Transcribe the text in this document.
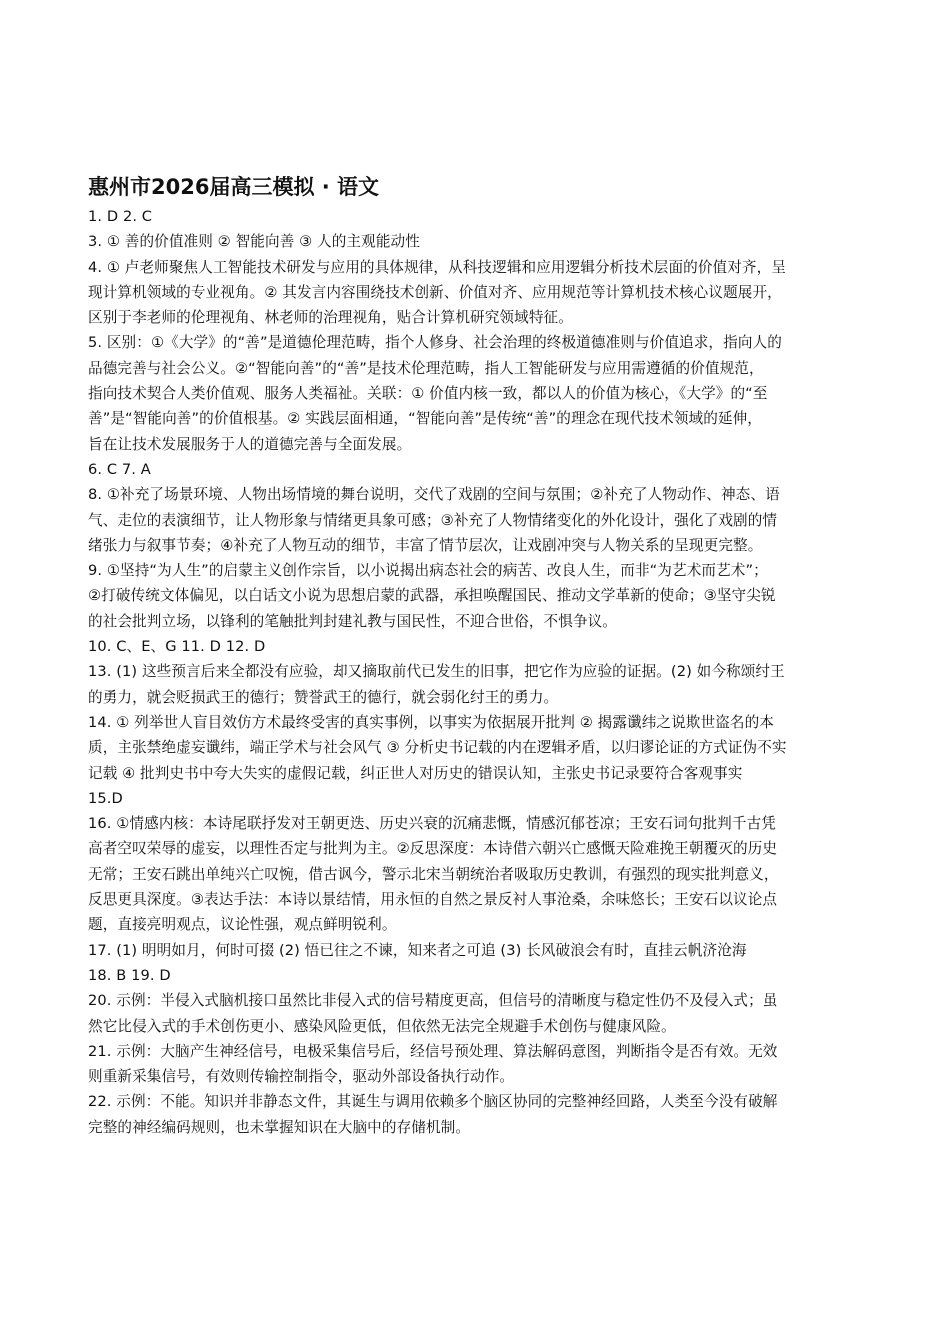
惠州市2026届高三模拟 · 语文
1. D 2. C
3. ① 善的价值准则 ② 智能向善 ③ 人的主观能动性
4. ① 卢老师聚焦人工智能技术研发与应用的具体规律，从科技逻辑和应用逻辑分析技术层面的价值对齐，呈
现计算机领域的专业视角。② 其发言内容围绕技术创新、价值对齐、应用规范等计算机技术核心议题展开，
区别于李老师的伦理视角、林老师的治理视角，贴合计算机研究领域特征。
5. 区别：①《大学》的“善”是道德伦理范畴，指个人修身、社会治理的终极道德准则与价值追求，指向人的
品德完善与社会公义。②“智能向善”的“善”是技术伦理范畴，指人工智能研发与应用需遵循的价值规范，
指向技术契合人类价值观、服务人类福祉。关联：① 价值内核一致，都以人的价值为核心，《大学》的“至
善”是“智能向善”的价值根基。② 实践层面相通，“智能向善”是传统“善”的理念在现代技术领域的延伸，
旨在让技术发展服务于人的道德完善与全面发展。
6. C 7. A
8. ①补充了场景环境、人物出场情境的舞台说明，交代了戏剧的空间与氛围；②补充了人物动作、神态、语
气、走位的表演细节，让人物形象与情绪更具象可感；③补充了人物情绪变化的外化设计，强化了戏剧的情
绪张力与叙事节奏；④补充了人物互动的细节，丰富了情节层次，让戏剧冲突与人物关系的呈现更完整。
9. ①坚持“为人生”的启蒙主义创作宗旨，以小说揭出病态社会的病苦、改良人生，而非“为艺术而艺术”；
②打破传统文体偏见，以白话文小说为思想启蒙的武器，承担唤醒国民、推动文学革新的使命；③坚守尖锐
的社会批判立场，以锋利的笔触批判封建礼教与国民性，不迎合世俗，不惧争议。
10. C、E、G 11. D 12. D
13. (1) 这些预言后来全都没有应验，却又摘取前代已发生的旧事，把它作为应验的证据。(2) 如今称颂纣王
的勇力，就会贬损武王的德行；赞誉武王的德行，就会弱化纣王的勇力。
14. ① 列举世人盲目效仿方术最终受害的真实事例，以事实为依据展开批判 ② 揭露谶纬之说欺世盗名的本
质，主张禁绝虚妄谶纬，端正学术与社会风气 ③ 分析史书记载的内在逻辑矛盾，以归谬论证的方式证伪不实
记载 ④ 批判史书中夸大失实的虚假记载，纠正世人对历史的错误认知，主张史书记录要符合客观事实
15.D
16. ①情感内核：本诗尾联抒发对王朝更迭、历史兴衰的沉痛悲慨，情感沉郁苍凉；王安石词句批判千古凭
高者空叹荣辱的虚妄，以理性否定与批判为主。②反思深度：本诗借六朝兴亡感慨天险难挽王朝覆灭的历史
无常；王安石跳出单纯兴亡叹惋，借古讽今，警示北宋当朝统治者吸取历史教训，有强烈的现实批判意义，
反思更具深度。③表达手法：本诗以景结情，用永恒的自然之景反衬人事沧桑，余味悠长；王安石以议论点
题，直接亮明观点，议论性强，观点鲜明锐利。
17. (1) 明明如月，何时可掇 (2) 悟已往之不谏，知来者之可追 (3) 长风破浪会有时，直挂云帆济沧海
18. B 19. D
20. 示例：半侵入式脑机接口虽然比非侵入式的信号精度更高，但信号的清晰度与稳定性仍不及侵入式；虽
然它比侵入式的手术创伤更小、感染风险更低，但依然无法完全规避手术创伤与健康风险。
21. 示例：大脑产生神经信号，电极采集信号后，经信号预处理、算法解码意图，判断指令是否有效。无效
则重新采集信号，有效则传输控制指令，驱动外部设备执行动作。
22. 示例：不能。知识并非静态文件，其诞生与调用依赖多个脑区协同的完整神经回路，人类至今没有破解
完整的神经编码规则，也未掌握知识在大脑中的存储机制。
